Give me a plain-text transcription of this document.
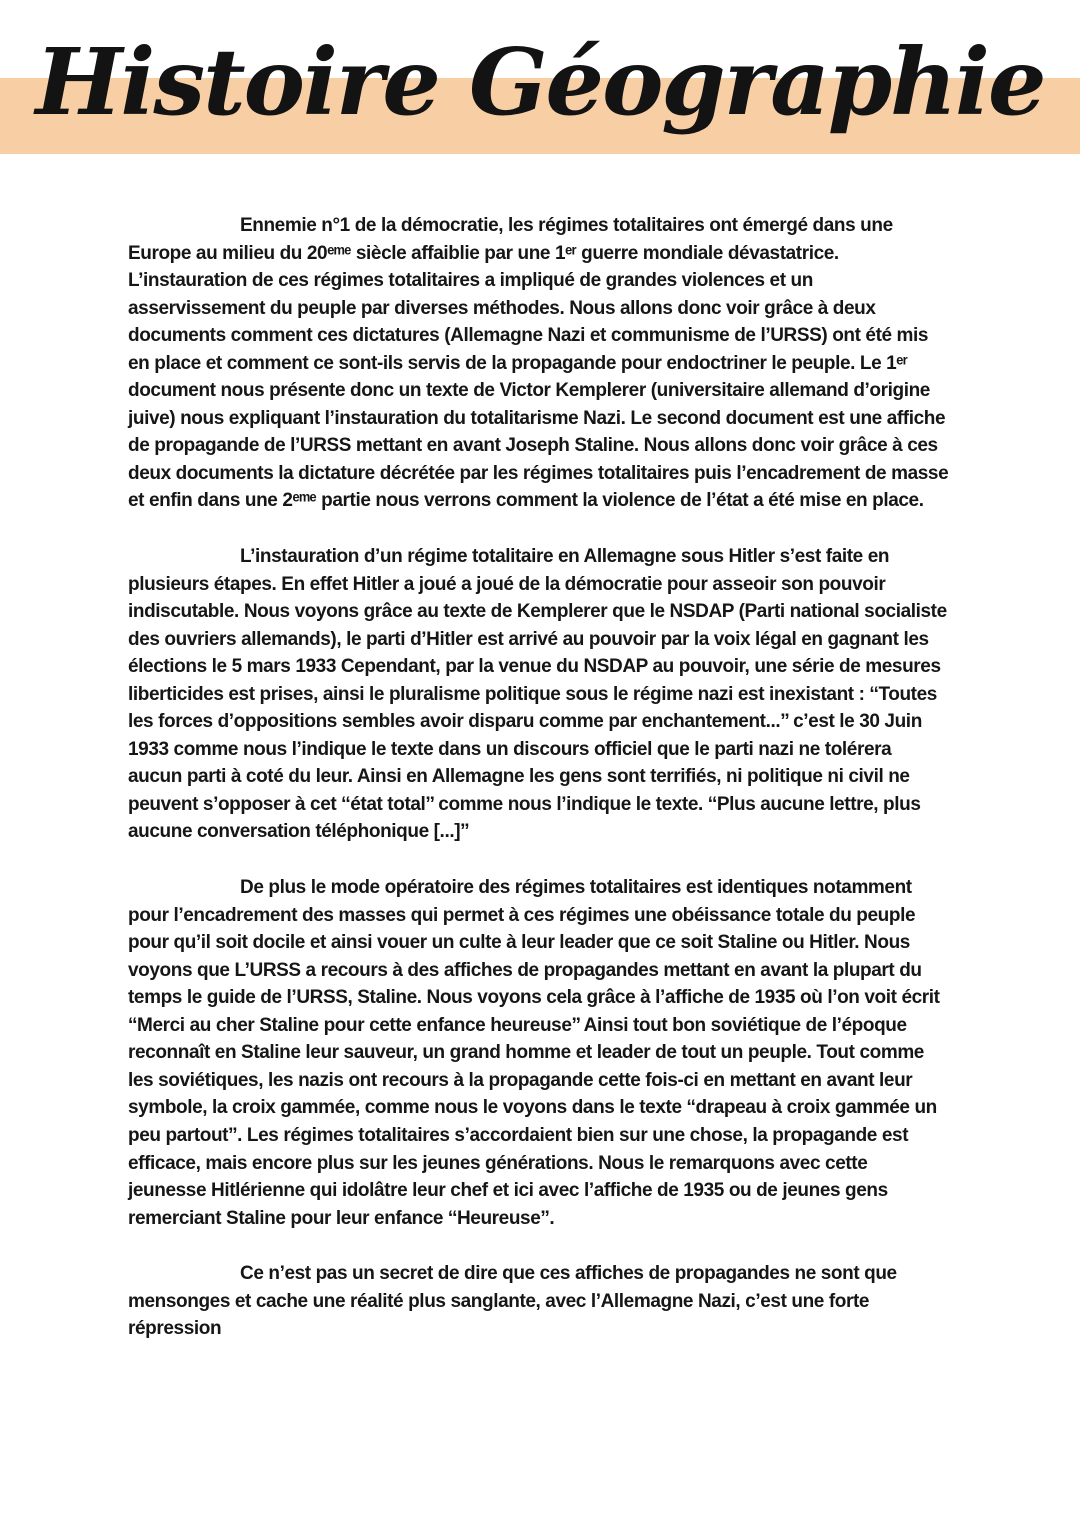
Histoire Géographie

Ennemie n°1 de la démocratie, les régimes totalitaires ont émergé dans une Europe au milieu du 20ᵉᵐᵉ siècle affaiblie par une 1ᵉʳ guerre mondiale dévastatrice. L’instauration de ces régimes totalitaires a impliqué de grandes violences et un asservissement du peuple par diverses méthodes. Nous allons donc voir grâce à deux documents comment ces dictatures (Allemagne Nazi et communisme de l’URSS) ont été mis en place et comment ce sont-ils servis de la propagande pour endoctriner le peuple. Le 1ᵉʳ document nous présente donc un texte de Victor Kemplerer (universitaire allemand d’origine juive) nous expliquant l’instauration du totalitarisme Nazi. Le second document est une affiche de propagande de l’URSS mettant en avant Joseph Staline. Nous allons donc voir grâce à ces deux documents la dictature décrétée par les régimes totalitaires puis l’encadrement de masse et enfin dans une 2ᵉᵐᵉ partie nous verrons comment la violence de l’état a été mise en place.

L’instauration d’un régime totalitaire en Allemagne sous Hitler s’est faite en plusieurs étapes. En effet Hitler a joué a joué de la démocratie pour asseoir son pouvoir indiscutable. Nous voyons grâce au texte de Kemplerer que le NSDAP (Parti national socialiste des ouvriers allemands), le parti d’Hitler est arrivé au pouvoir par la voix légal en gagnant les élections le 5 mars 1933 Cependant, par la venue du NSDAP au pouvoir, une série de mesures liberticides est prises, ainsi le pluralisme politique sous le régime nazi est inexistant : ‘‘Toutes les forces d’oppositions sembles avoir disparu comme par enchantement...’’ c’est le 30 Juin 1933 comme nous l’indique le texte dans un discours officiel que le parti nazi ne tolérera aucun parti à coté du leur. Ainsi en Allemagne les gens sont terrifiés, ni politique ni civil ne peuvent s’opposer à cet ‘‘état total’’ comme nous l’indique le texte. ‘‘Plus aucune lettre, plus aucune conversation téléphonique [...]’’

De plus le mode opératoire des régimes totalitaires est identiques notamment pour l’encadrement des masses qui permet à ces régimes une obéissance totale du peuple pour qu’il soit docile et ainsi vouer un culte à leur leader que ce soit Staline ou Hitler. Nous voyons que L’URSS a recours à des affiches de propagandes mettant en avant la plupart du temps le guide de l’URSS, Staline. Nous voyons cela grâce à l’affiche de 1935 où l’on voit écrit ‘‘Merci au cher Staline pour cette enfance heureuse’’ Ainsi tout bon soviétique de l’époque reconnaît en Staline leur sauveur, un grand homme et leader de tout un peuple. Tout comme les soviétiques, les nazis ont recours à la propagande cette fois-ci en mettant en avant leur symbole, la croix gammée, comme nous le voyons dans le texte ‘‘drapeau à croix gammée un peu partout’’. Les régimes totalitaires s’accordaient bien sur une chose, la propagande est efficace, mais encore plus sur les jeunes générations. Nous le remarquons avec cette jeunesse Hitlérienne qui idolâtre leur chef et ici avec l’affiche de 1935 ou de jeunes gens remerciant Staline pour leur enfance ‘‘Heureuse’’.

Ce n’est pas un secret de dire que ces affiches de propagandes ne sont que mensonges et cache une réalité plus sanglante, avec l’Allemagne Nazi, c’est une forte répression
